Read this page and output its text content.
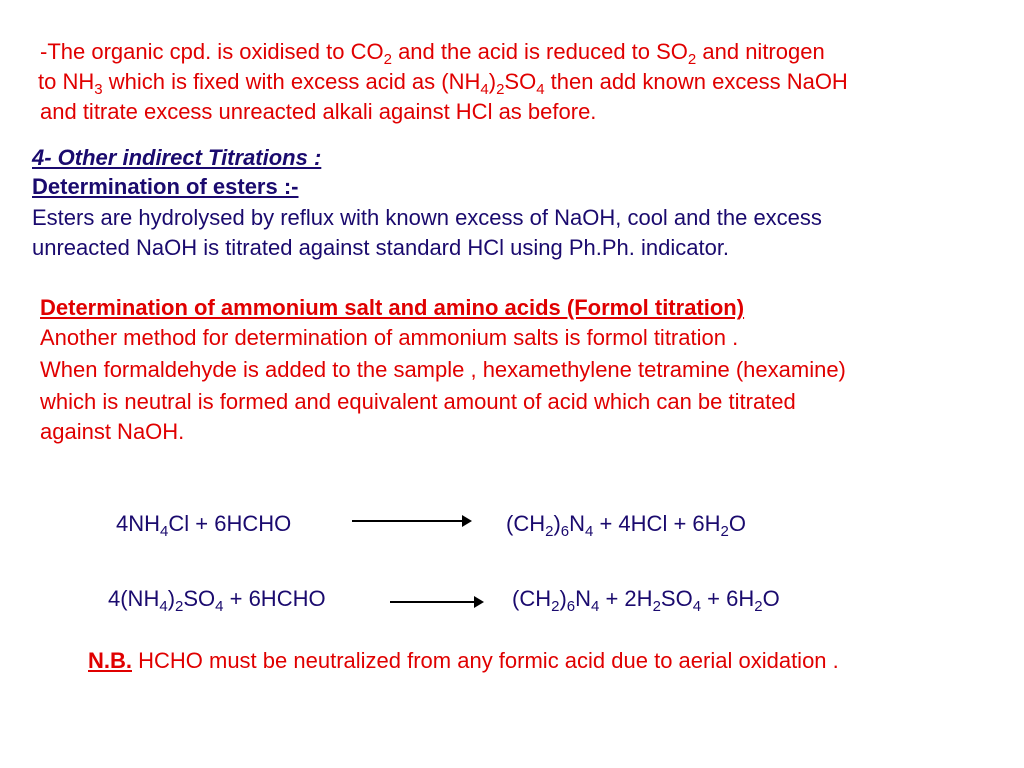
-The organic cpd. is oxidised to $CO_2$ and the acid is reduced to $SO_2$ and nitrogen
to $NH_3$ which is fixed with excess acid as $(NH_4)_2SO_4$ then add known excess NaOH
and titrate excess unreacted alkali against HCl as before.
4- Other indirect Titrations :
Determination of esters :-
Esters are hydrolysed by reflux with known excess of NaOH, cool and the excess
unreacted NaOH is titrated against standard HCl using Ph.Ph. indicator.
Determination of ammonium salt and amino acids (Formol titration)
Another method for determination of ammonium salts is formol titration .
When formaldehyde is added to the sample , hexamethylene tetramine (hexamine)
which is neutral is formed and equivalent amount of acid which can be titrated
against NaOH.
$4NH_4Cl$ + 6HCHO	$(CH_2)_6N_4 + 4HCl + 6H_2O$
$4(NH_4)_2SO_4$ + 6HCHO	$(CH_2)_6N_4 + 2H_2SO_4 + 6H_2O$
N.B. HCHO must be neutralized from any formic acid due to aerial oxidation .
